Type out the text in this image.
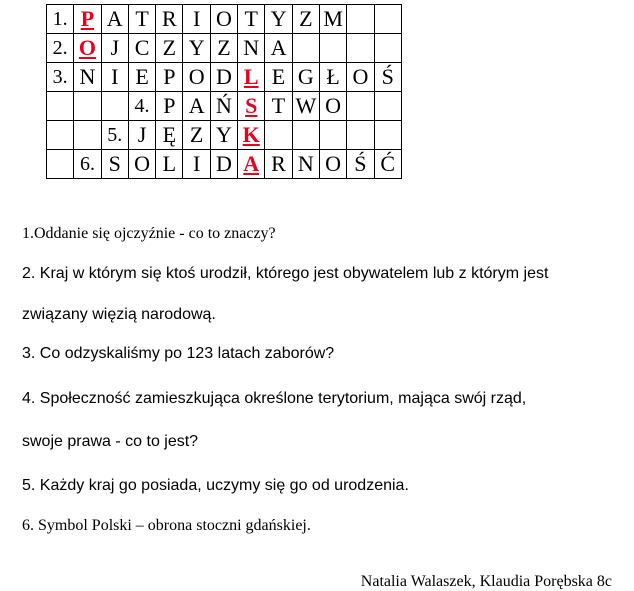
1.	P	A	T	R	I	O	T	Y	Z	M		
2.	O	J	C	Z	Y	Z	N	A				
3.	N	I	E	P	O	D	L	E	G	Ł	O	Ś
			4.	P	A	Ń	S	T	W	O		
		5.	J	Ę	Z	Y	K					
	6.	S	O	L	I	D	A	R	N	O	Ś	Ć

1.Oddanie się ojczyźnie - co to znaczy?

2. Kraj w którym się ktoś urodził, którego jest obywatelem lub z którym jest

związany więzią narodową.

3. Co odzyskaliśmy po 123 latach zaborów?

4. Społeczność zamieszkująca określone terytorium, mająca swój rząd,

swoje prawa - co to jest?

5. Każdy kraj go posiada, uczymy się go od urodzenia.

6. Symbol Polski – obrona stoczni gdańskiej.

Natalia Walaszek, Klaudia Porębska 8c
